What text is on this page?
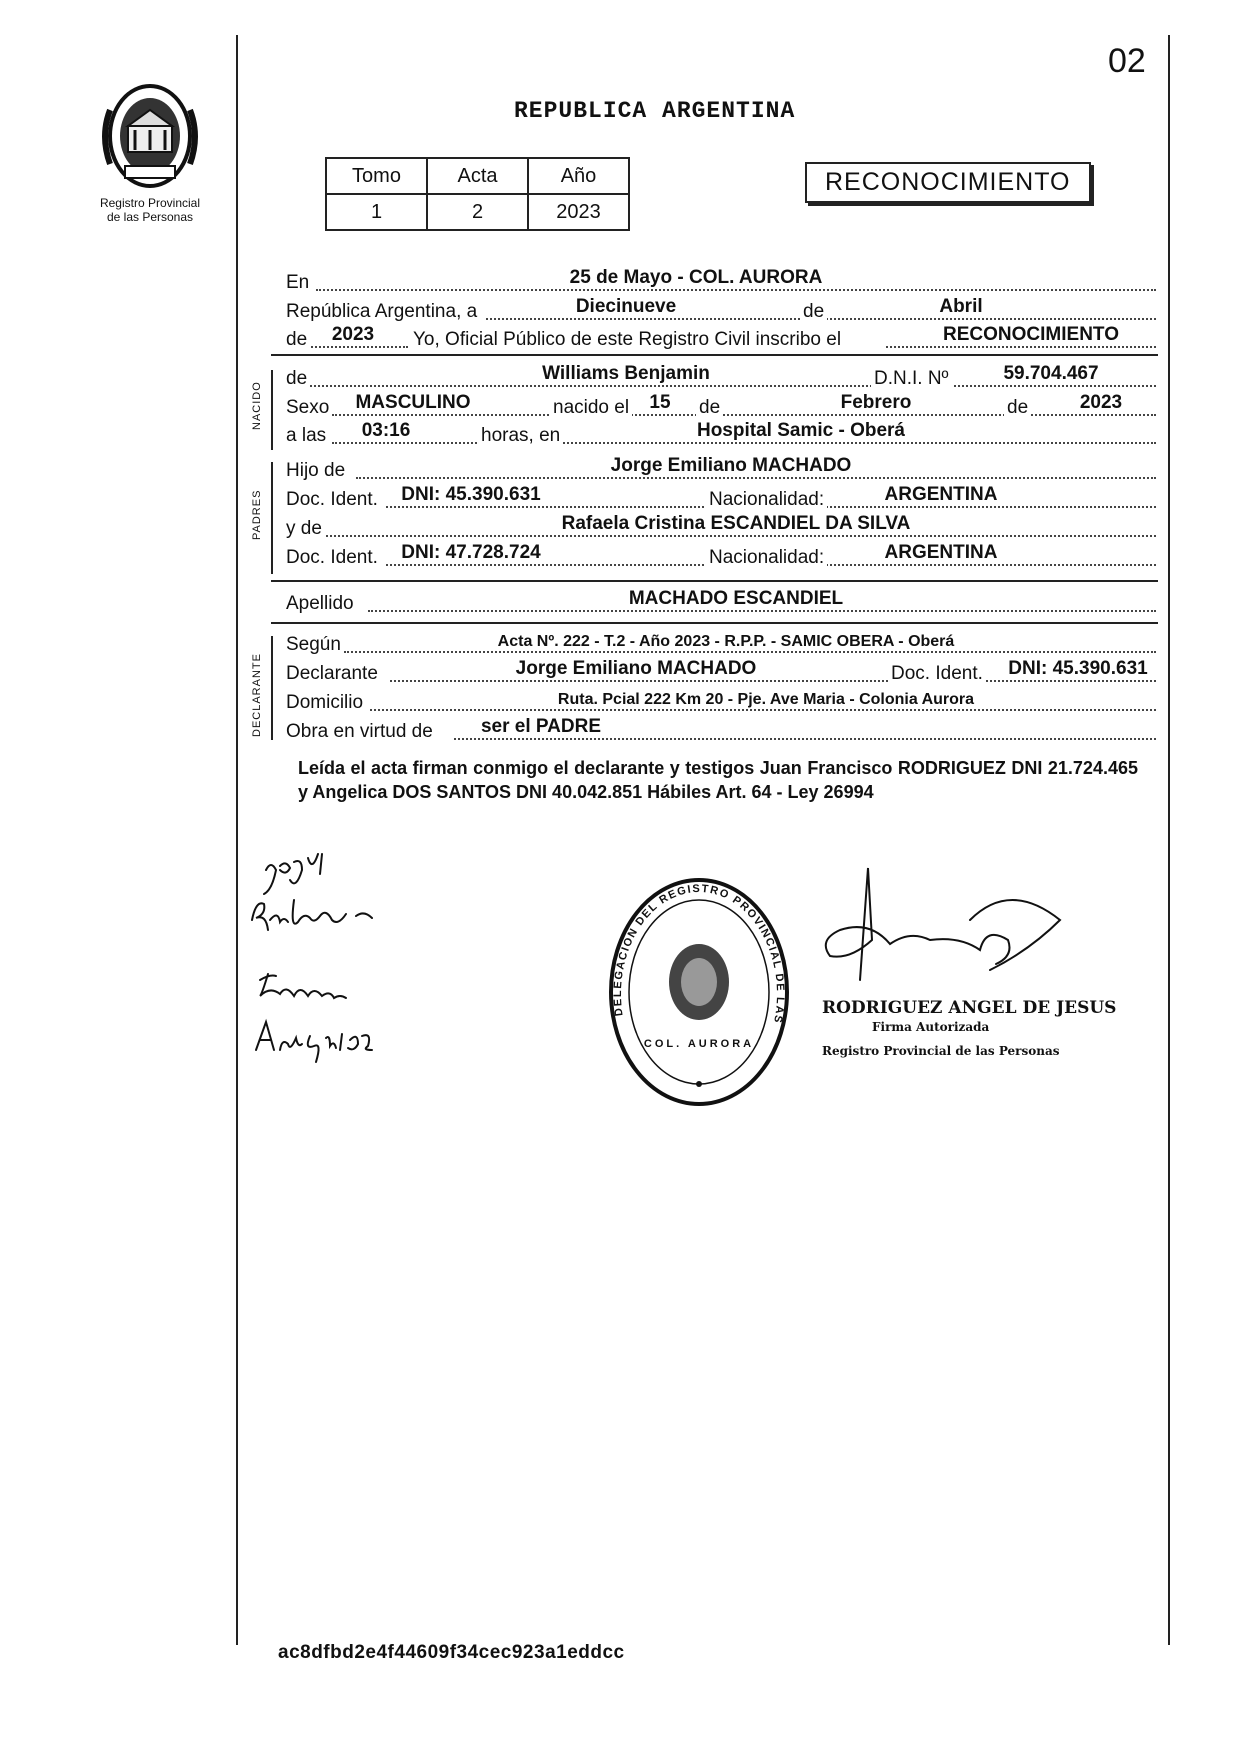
02
Registro Provincial
de las Personas
REPUBLICA ARGENTINA
Tomo	Acta	Año
1	2	2023
RECONOCIMIENTO
En	25 de Mayo - COL. AURORA
República Argentina, a	Diecinueve	de	Abril
de	2023	Yo, Oficial Público de este Registro Civil inscribo el	RECONOCIMIENTO
NACIDO
de	Williams Benjamin	D.N.I. Nº	59.704.467
Sexo	MASCULINO	nacido el	15	de	Febrero	de	2023
a las	03:16	horas, en	Hospital Samic - Oberá
PADRES
Hijo de	Jorge Emiliano MACHADO
Doc. Ident. DNI: 45.390.631	Nacionalidad:	ARGENTINA
y de	Rafaela Cristina ESCANDIEL DA SILVA
Doc. Ident. DNI: 47.728.724	Nacionalidad:	ARGENTINA
Apellido	MACHADO ESCANDIEL
DECLARANTE
Según	Acta Nº. 222 - T.2 - Año 2023 - R.P.P. - SAMIC OBERA - Oberá
Declarante	Jorge Emiliano MACHADO	Doc. Ident.	DNI: 45.390.631
Domicilio	Ruta. Pcial 222 Km 20 - Pje. Ave Maria - Colonia Aurora
Obra en virtud de	ser el PADRE
Leída el acta firman conmigo el declarante y testigos Juan Francisco RODRIGUEZ DNI 21.724.465 y Angelica DOS SANTOS DNI 40.042.851 Hábiles Art. 64 - Ley 26994
DELEGACION DEL REGISTRO PROVINCIAL DE LAS
COL. AURORA
RODRIGUEZ ANGEL DE JESUS
Firma Autorizada
Registro Provincial de las Personas
ac8dfbd2e4f44609f34cec923a1eddcc
